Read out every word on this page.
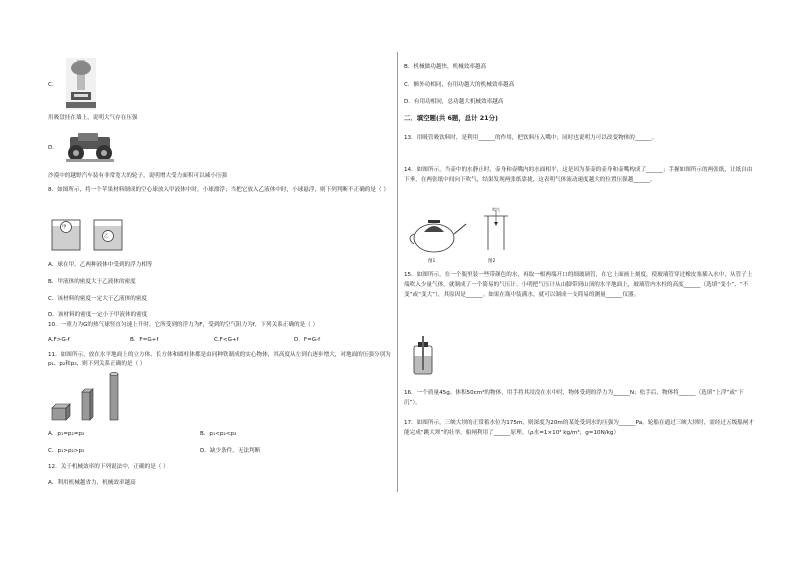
C.
用吸盘挂在墙上，说明大气存在压强
D.
沙漠中的越野汽车装有非常宽大的轮子，说明增大受力面积可以减小压强
8．如图所示，将一个苹果材料制成的空心球放入甲液体中时，小球漂浮；当把它放入乙液体中时，小球悬浮，则下列判断不正确的是（ ）
甲
乙
A．球在甲、乙两种液体中受到的浮力相等
B．甲液体的密度大于乙液体的密度
C．该材料的密度一定大于乙液体的密度
D．该材料的密度一定小于甲液体的密度
10．一重力为G的热气球竖直匀速上升时，它所受到的浮力为F，受到的空气阻力为f，下列关系正确的是（ ）
A.F>G-f	B．F=G+f	C.F<G+f	D．F=G-f
11．如图所示，放在水平地面上的立方体、长方体和圆柱体都是由同种铁制成的实心物体，其高度从左到右逐步增大，对地面的压强分别为p₁、p₂和p₃，则下列关系正确的是（ ）
A．p₁=p₂=p₃	B．p₁<p₂<p₃
C．p₁>p₂>p₃	D．缺少条件，无法判断
12．关于机械效率的下列说法中，正确的是（ ）
A．利用机械越省力，机械效率越高
B．机械做功越快，机械效率越高
C．额外功相同，有用功越大的机械效率越高
D．有用功相同，总功越大机械效率越高
二．填空题(共 6题，总计 21分)
13．用吸管吸饮料时，是利用______的作用，把饮料压入嘴中；同时也说明力可以改变物体的______。
14．如图所示，当壶中的水静止时，壶身和壶嘴内的水面相平，这是因为茶壶的壶身和壶嘴构成了______；手握如图所示的两张纸，让纸自由下垂，在两张纸中间向下吹气，结果发现两张纸靠拢，这表明气体流动速度越大的位置压强越______。
吹气
图1	图2
15．如图所示，在一个瓶里装一些带颜色的水，再取一根两端开口的细玻璃管，在它上面画上刻度，使玻璃管穿过橡皮塞插入水中，从管子上端吹入少量气体，就制成了一个简易的气压计。小明把气压计从山脚带到山顶的水平地面上，玻璃管内水柱的高度______（选填“变小”、“不变”或“变大”），其原因是______。如果在瓶中装满水，就可以制成一支简易的测量______仪器。
16．一个质量45g、体积50cm³的物体，用手将其浸没在水中时，物体受到的浮力为______N；松手后，物体将______（选填“上浮”或“下沉”）。
17．如图所示，三峡大坝的正常蓄水位为175m，则深度为20m的某处受到水的压强为______Pa。轮船在通过三峡大坝时，需经过五级船闸才能完成“跳大坝”的壮举，船闸利用了______原理。（ρ水=1×10³ kg/m³，g=10N/kg）
